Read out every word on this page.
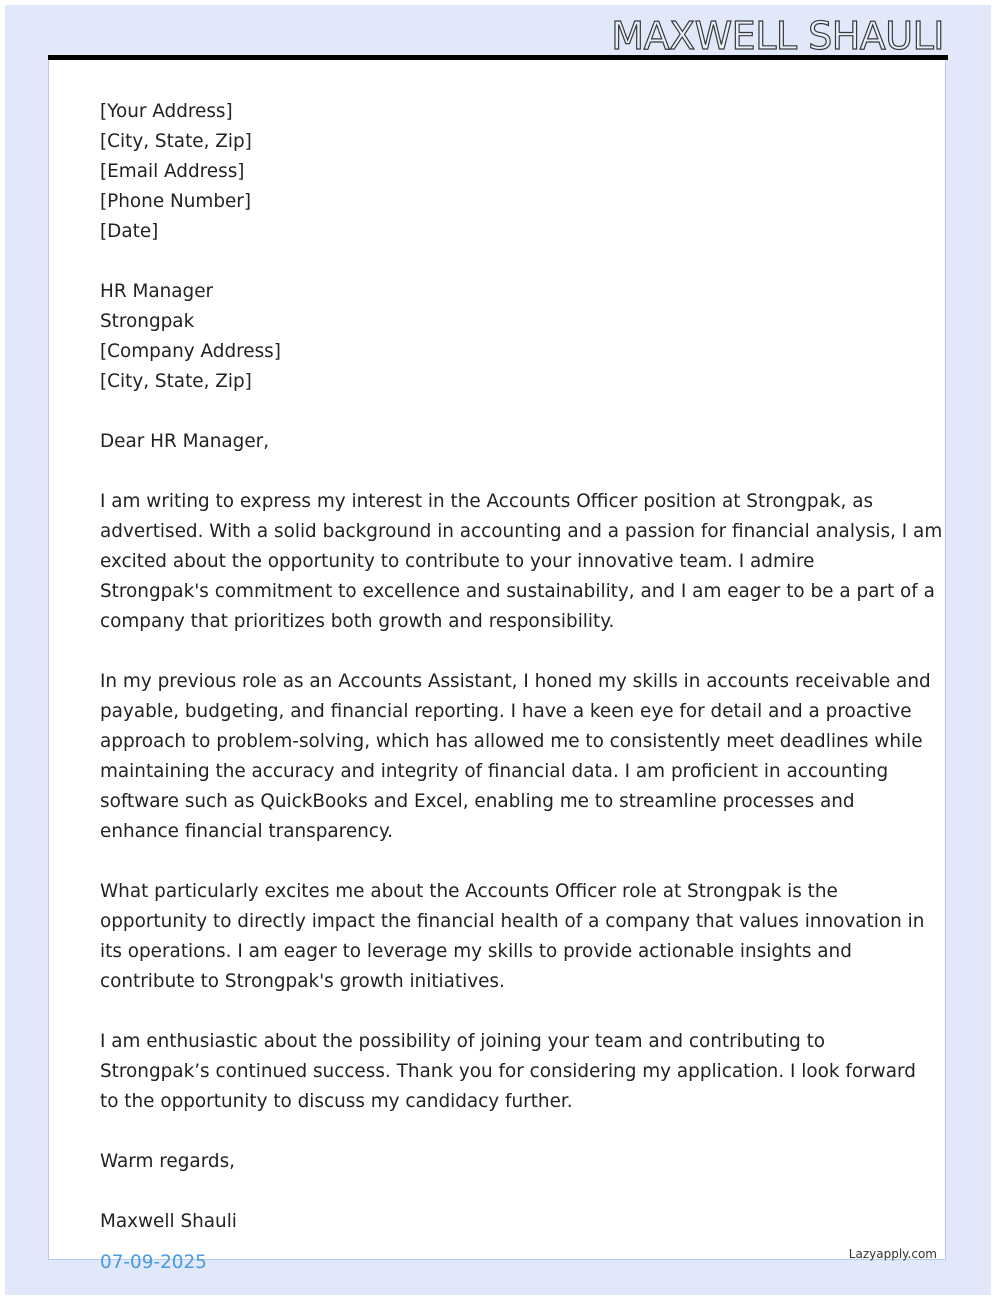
MAXWELL SHAULI
[Your Address]
[City, State, Zip]
[Email Address]
[Phone Number]
[Date]
HR Manager
Strongpak
[Company Address]
[City, State, Zip]
Dear HR Manager,

I am writing to express my interest in the Accounts Officer position at Strongpak, as
advertised. With a solid background in accounting and a passion for financial analysis, I am
excited about the opportunity to contribute to your innovative team. I admire
Strongpak's commitment to excellence and sustainability, and I am eager to be a part of a
company that prioritizes both growth and responsibility.

In my previous role as an Accounts Assistant, I honed my skills in accounts receivable and
payable, budgeting, and financial reporting. I have a keen eye for detail and a proactive
approach to problem-solving, which has allowed me to consistently meet deadlines while
maintaining the accuracy and integrity of financial data. I am proficient in accounting
software such as QuickBooks and Excel, enabling me to streamline processes and
enhance financial transparency.

What particularly excites me about the Accounts Officer role at Strongpak is the
opportunity to directly impact the financial health of a company that values innovation in
its operations. I am eager to leverage my skills to provide actionable insights and
contribute to Strongpak's growth initiatives.

I am enthusiastic about the possibility of joining your team and contributing to
Strongpak’s continued success. Thank you for considering my application. I look forward
to the opportunity to discuss my candidacy further.

Warm regards,
Maxwell Shauli
07-09-2025	Lazyapply.com
